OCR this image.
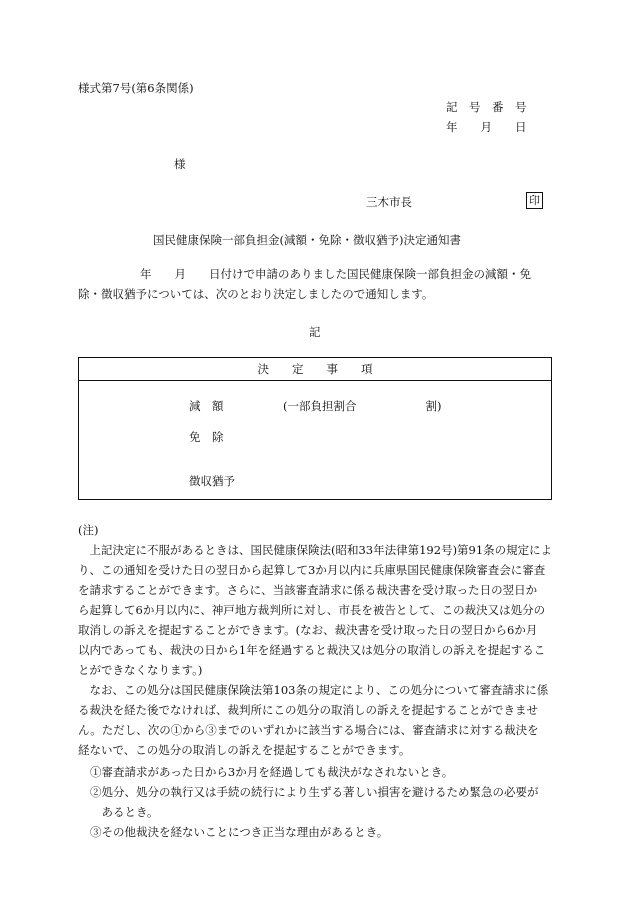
様式第7号(第6条関係)
記　号　番　号
年　　月　　日
様
三木市長	印
国民健康保険一部負担金(減額・免除・徴収猶予)決定通知書
年　　月　　日付けで申請のありました国民健康保険一部負担金の減額・免
除・徴収猶予については、次のとおり決定しましたので通知します。
記
決　　定　　事　　項
減　額	(一部負担割合　　　　　　割)
免　除
徴収猶予
(注)
　上記決定に不服があるときは、国民健康保険法(昭和33年法律第192号)第91条の規定によ
り、この通知を受けた日の翌日から起算して3か月以内に兵庫県国民健康保険審査会に審査
を請求することができます。さらに、当該審査請求に係る裁決書を受け取った日の翌日か
ら起算して6か月以内に、神戸地方裁判所に対し、市長を被告として、この裁決又は処分の
取消しの訴えを提起することができます。(なお、裁決書を受け取った日の翌日から6か月
以内であっても、裁決の日から1年を経過すると裁決又は処分の取消しの訴えを提起するこ
とができなくなります。)
　なお、この処分は国民健康保険法第103条の規定により、この処分について審査請求に係
る裁決を経た後でなければ、裁判所にこの処分の取消しの訴えを提起することができませ
ん。ただし、次の①から③までのいずれかに該当する場合には、審査請求に対する裁決を
経ないで、この処分の取消しの訴えを提起することができます。
①審査請求があった日から3か月を経過しても裁決がなされないとき。
②処分、処分の執行又は手続の続行により生ずる著しい損害を避けるため緊急の必要が
　あるとき。
③その他裁決を経ないことにつき正当な理由があるとき。
